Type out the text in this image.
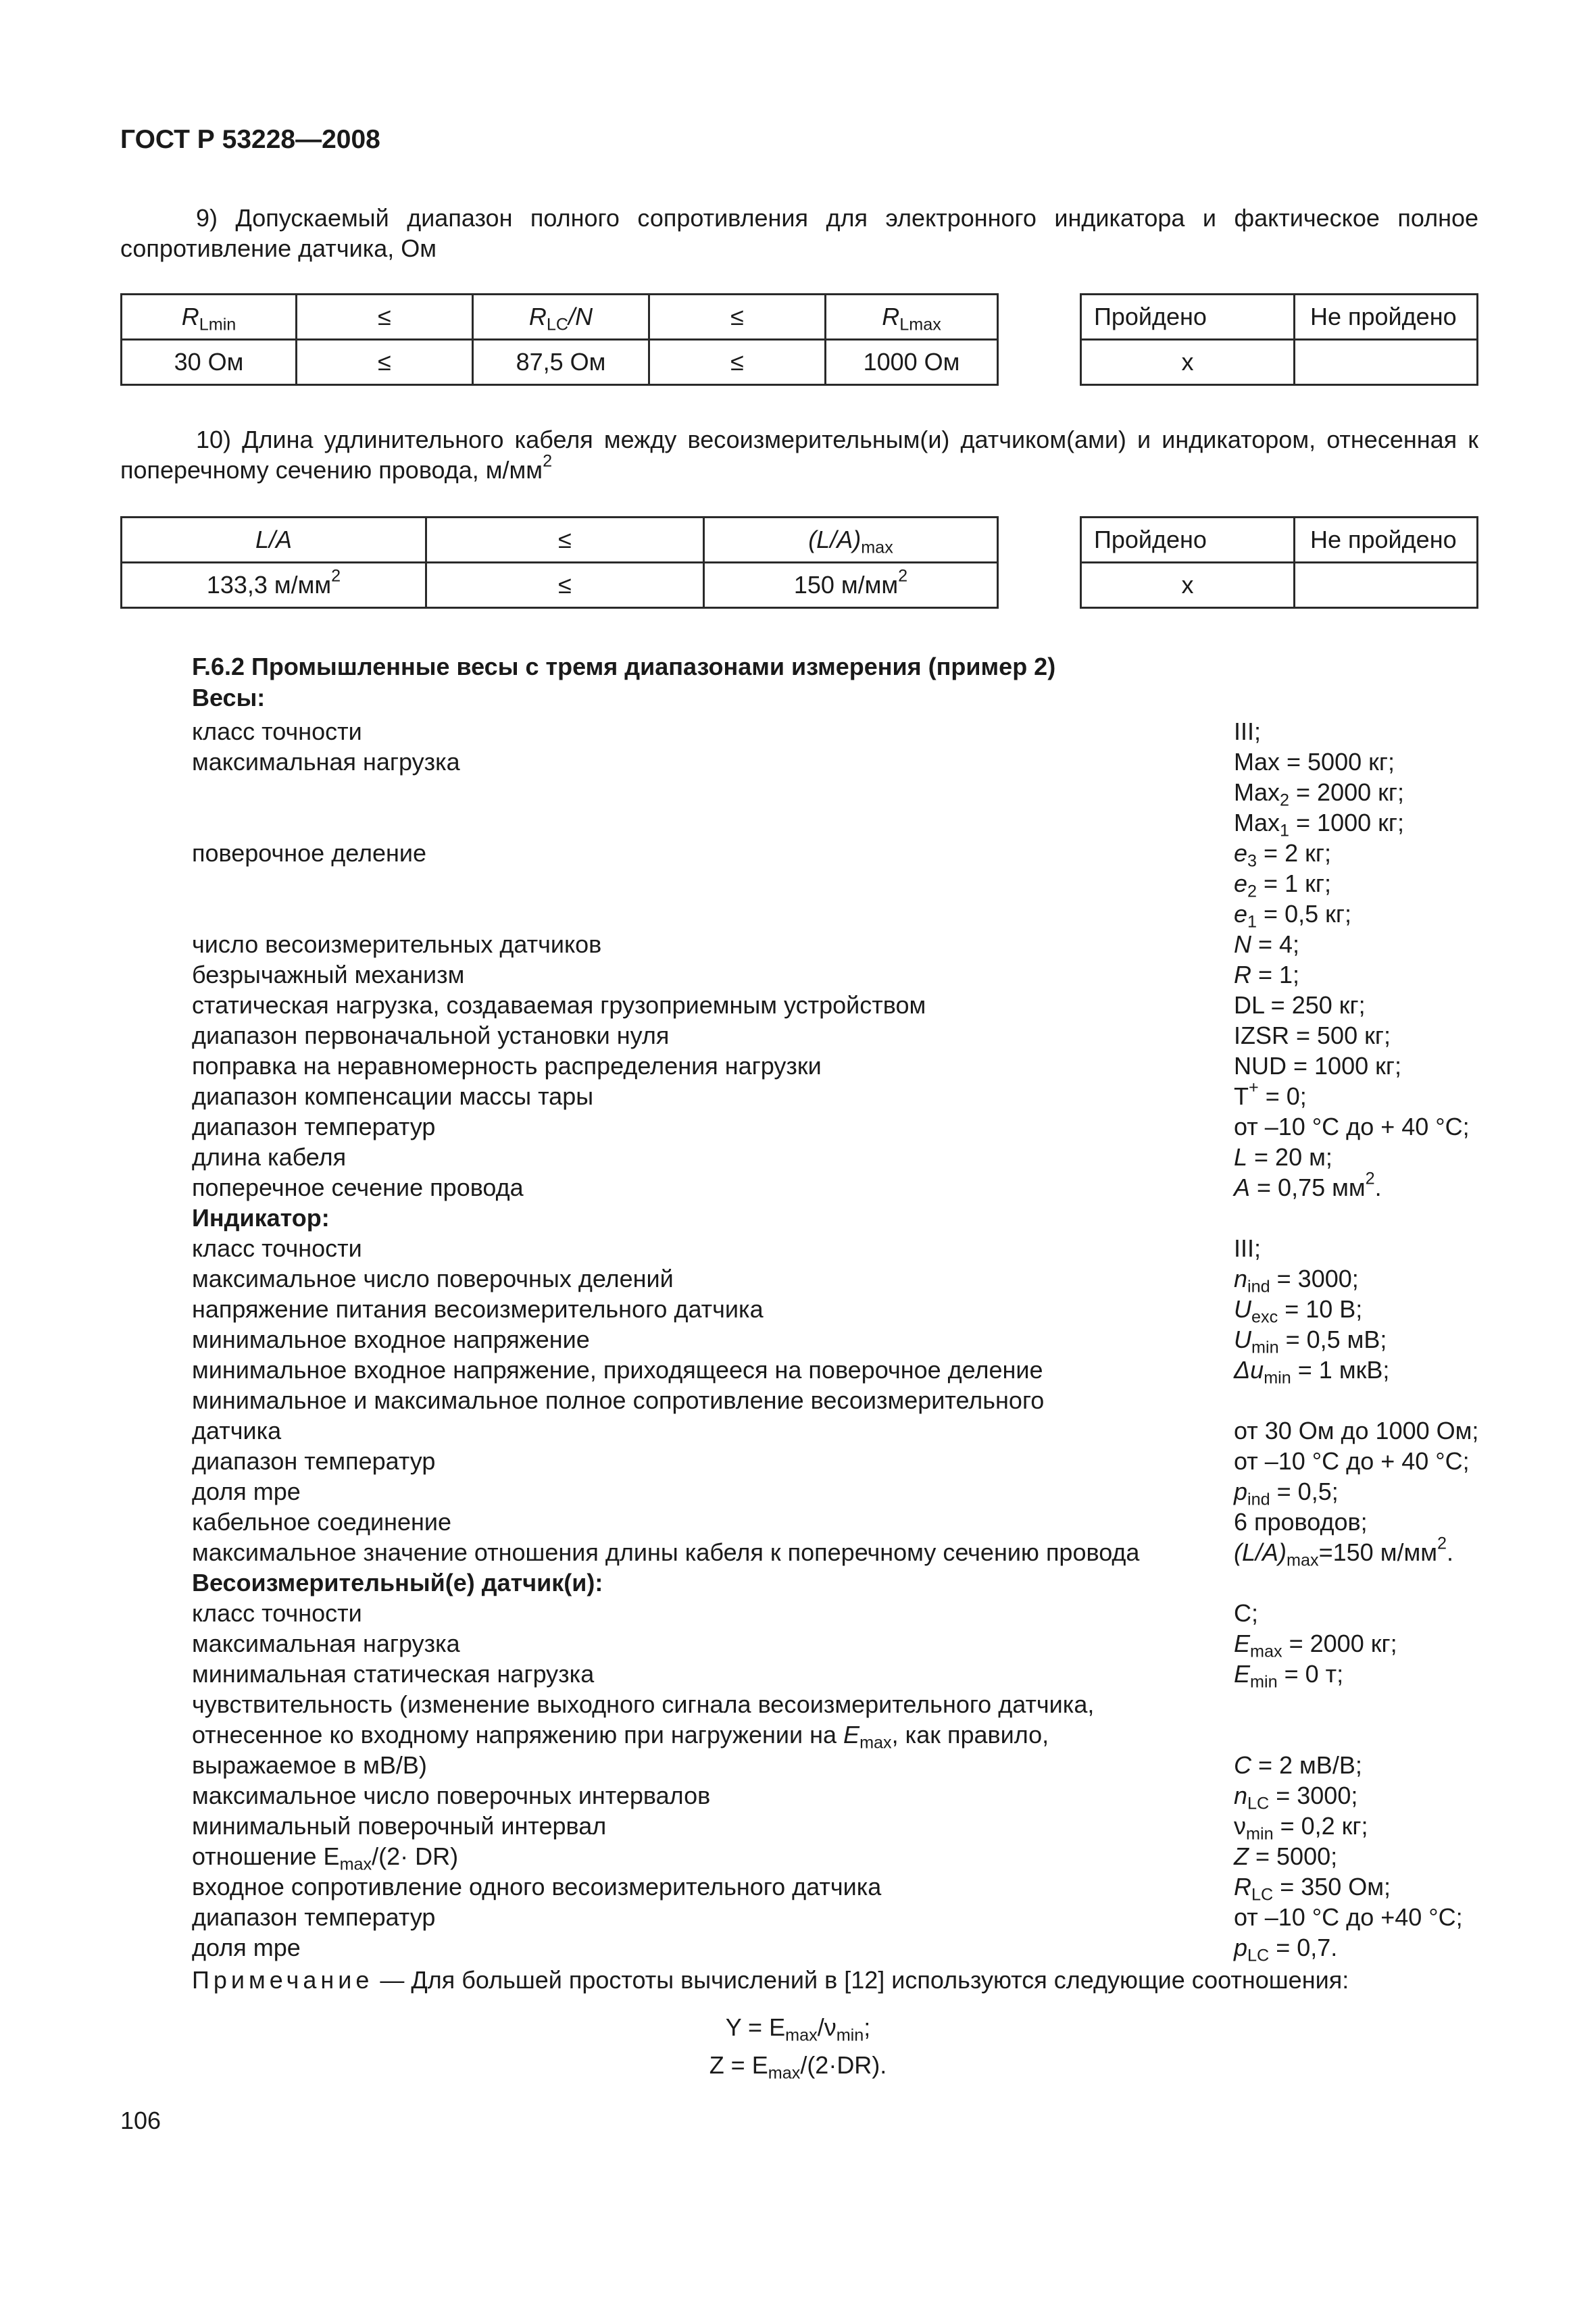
ГОСТ Р 53228—2008
9) Допускаемый диапазон полного сопротивления для электронного индикатора и фактическое полное сопротивление датчика, Ом
$R_{Lmin}$	≤	$R_{LC}/N$	≤	$R_{Lmax}$
30 Ом	≤	87,5 Ом	≤	1000 Ом
Пройдено	Не пройдено
x	
10) Длина удлинительного кабеля между весоизмерительным(и) датчиком(ами) и индикатором, отнесенная к поперечному сечению провода, $м/мм^2$
L/A	≤	$(L/A)_{max}$
133,3 $м/мм^2$	≤	150 $м/мм^2$
Пройдено	Не пройдено
x	
F.6.2 Промышленные весы с тремя диапазонами измерения (пример 2)
Весы:
класс точности	III;
максимальная нагрузка	Max = 5000 кг;
Max$_2$ = 2000 кг;
Max$_1$ = 1000 кг;
поверочное деление	$e_3 = 2$ кг;
$e_2 = 1$ кг;
$e_1 = 0,5$ кг;
число весоизмерительных датчиков	N = 4;
безрычажный механизм	R = 1;
статическая нагрузка, создаваемая грузоприемным устройством	DL = 250 кг;
диапазон первоначальной установки нуля	IZSR = 500 кг;
поправка на неравномерность распределения нагрузки	NUD = 1000 кг;
диапазон компенсации массы тары	T+ = 0;
диапазон температур	от –10 °С до + 40 °С;
длина кабеля	L = 20 м;
поперечное сечение провода	A = 0,75 $мм^2$.
Индикатор:
класс точности	III;
максимальное число поверочных делений	$n_{ind} = 3000$;
напряжение питания весоизмерительного датчика	$U_{exc} = 10$ В;
минимальное входное напряжение	$U_{min} = 0,5$ мВ;
минимальное входное напряжение, приходящееся на поверочное деление	$\Delta u_{min} = 1$ мкВ;
минимальное и максимальное полное сопротивление весоизмерительного
датчика	от 30 Ом до 1000 Ом;
диапазон температур	от –10 °С до + 40 °С;
доля mpe	$p_{ind} = 0,5$;
кабельное соединение	6 проводов;
максимальное значение отношения длины кабеля к поперечному сечению провода	$(L/A)_{max}=150$ $м/мм^2$.
Весоизмерительный(е) датчик(и):
класс точности	C;
максимальная нагрузка	$E_{max} = 2000$ кг;
минимальная статическая нагрузка	$E_{min} = 0$ т;
чувствительность (изменение выходного сигнала весоизмерительного датчика,
отнесенное ко входному напряжению при нагружении на $E_{max}$, как правило,
выражаемое в мВ/В)	C = 2 мВ/В;
максимальное число поверочных интервалов	$n_{LC} = 3000$;
минимальный поверочный интервал	$\nu_{min} = 0,2$ кг;
отношение $E_{max}/(2\cdot DR)$	Z = 5000;
входное сопротивление одного весоизмерительного датчика	$R_{LC} = 350$ Ом;
диапазон температур	от –10 °С до +40 °С;
доля mpe	$p_{LC} = 0,7$.
Примечание — Для большей простоты вычислений в [12] используются следующие соотношения:
$Y = E_{max}/\nu_{min}$;
$Z = E_{max}/(2\cdot DR)$.
106
